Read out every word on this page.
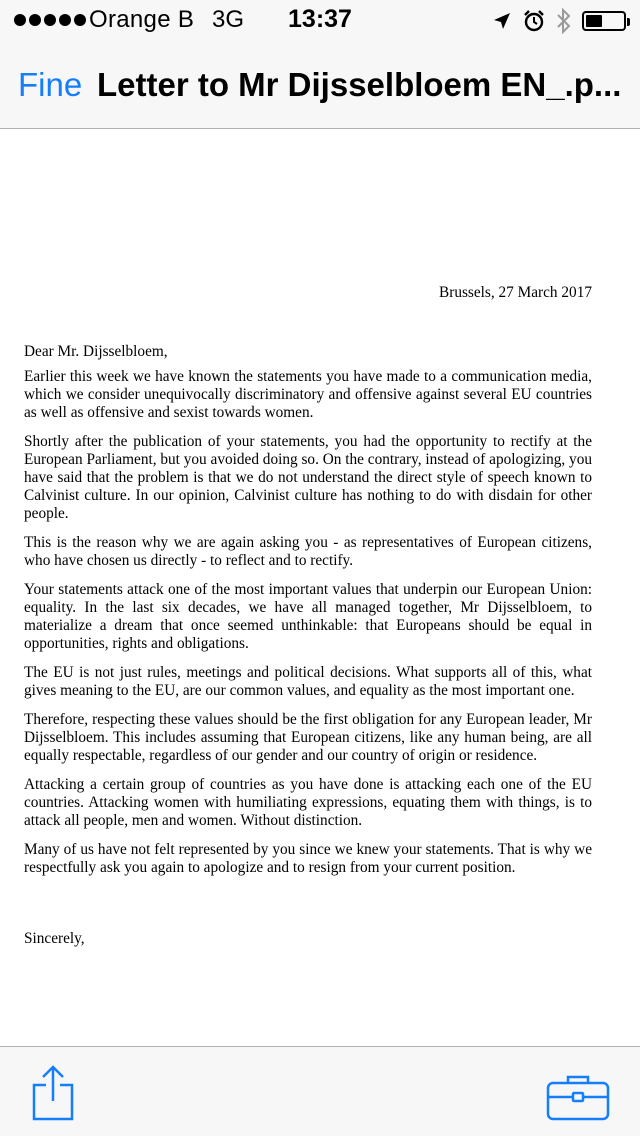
Orange B 3G	13:37
Fine Letter to Mr Dijsselbloem EN_.p...
Brussels, 27 March 2017
Dear Mr. Dijsselbloem,

Earlier this week we have known the statements you have made to a communication media, which we consider unequivocally discriminatory and offensive against several EU countries as well as offensive and sexist towards women.

Shortly after the publication of your statements, you had the opportunity to rectify at the European Parliament, but you avoided doing so. On the contrary, instead of apologizing, you have said that the problem is that we do not understand the direct style of speech known to Calvinist culture. In our opinion, Calvinist culture has nothing to do with disdain for other people.

This is the reason why we are again asking you - as representatives of European citizens, who have chosen us directly - to reflect and to rectify.

Your statements attack one of the most important values that underpin our European Union: equality. In the last six decades, we have all managed together, Mr Dijsselbloem, to materialize a dream that once seemed unthinkable: that Europeans should be equal in opportunities, rights and obligations.

The EU is not just rules, meetings and political decisions. What supports all of this, what gives meaning to the EU, are our common values, and equality as the most important one.

Therefore, respecting these values should be the first obligation for any European leader, Mr Dijsselbloem. This includes assuming that European citizens, like any human being, are all equally respectable, regardless of our gender and our country of origin or residence.

Attacking a certain group of countries as you have done is attacking each one of the EU countries. Attacking women with humiliating expressions, equating them with things, is to attack all people, men and women. Without distinction.

Many of us have not felt represented by you since we knew your statements. That is why we respectfully ask you again to apologize and to resign from your current position.

Sincerely,
